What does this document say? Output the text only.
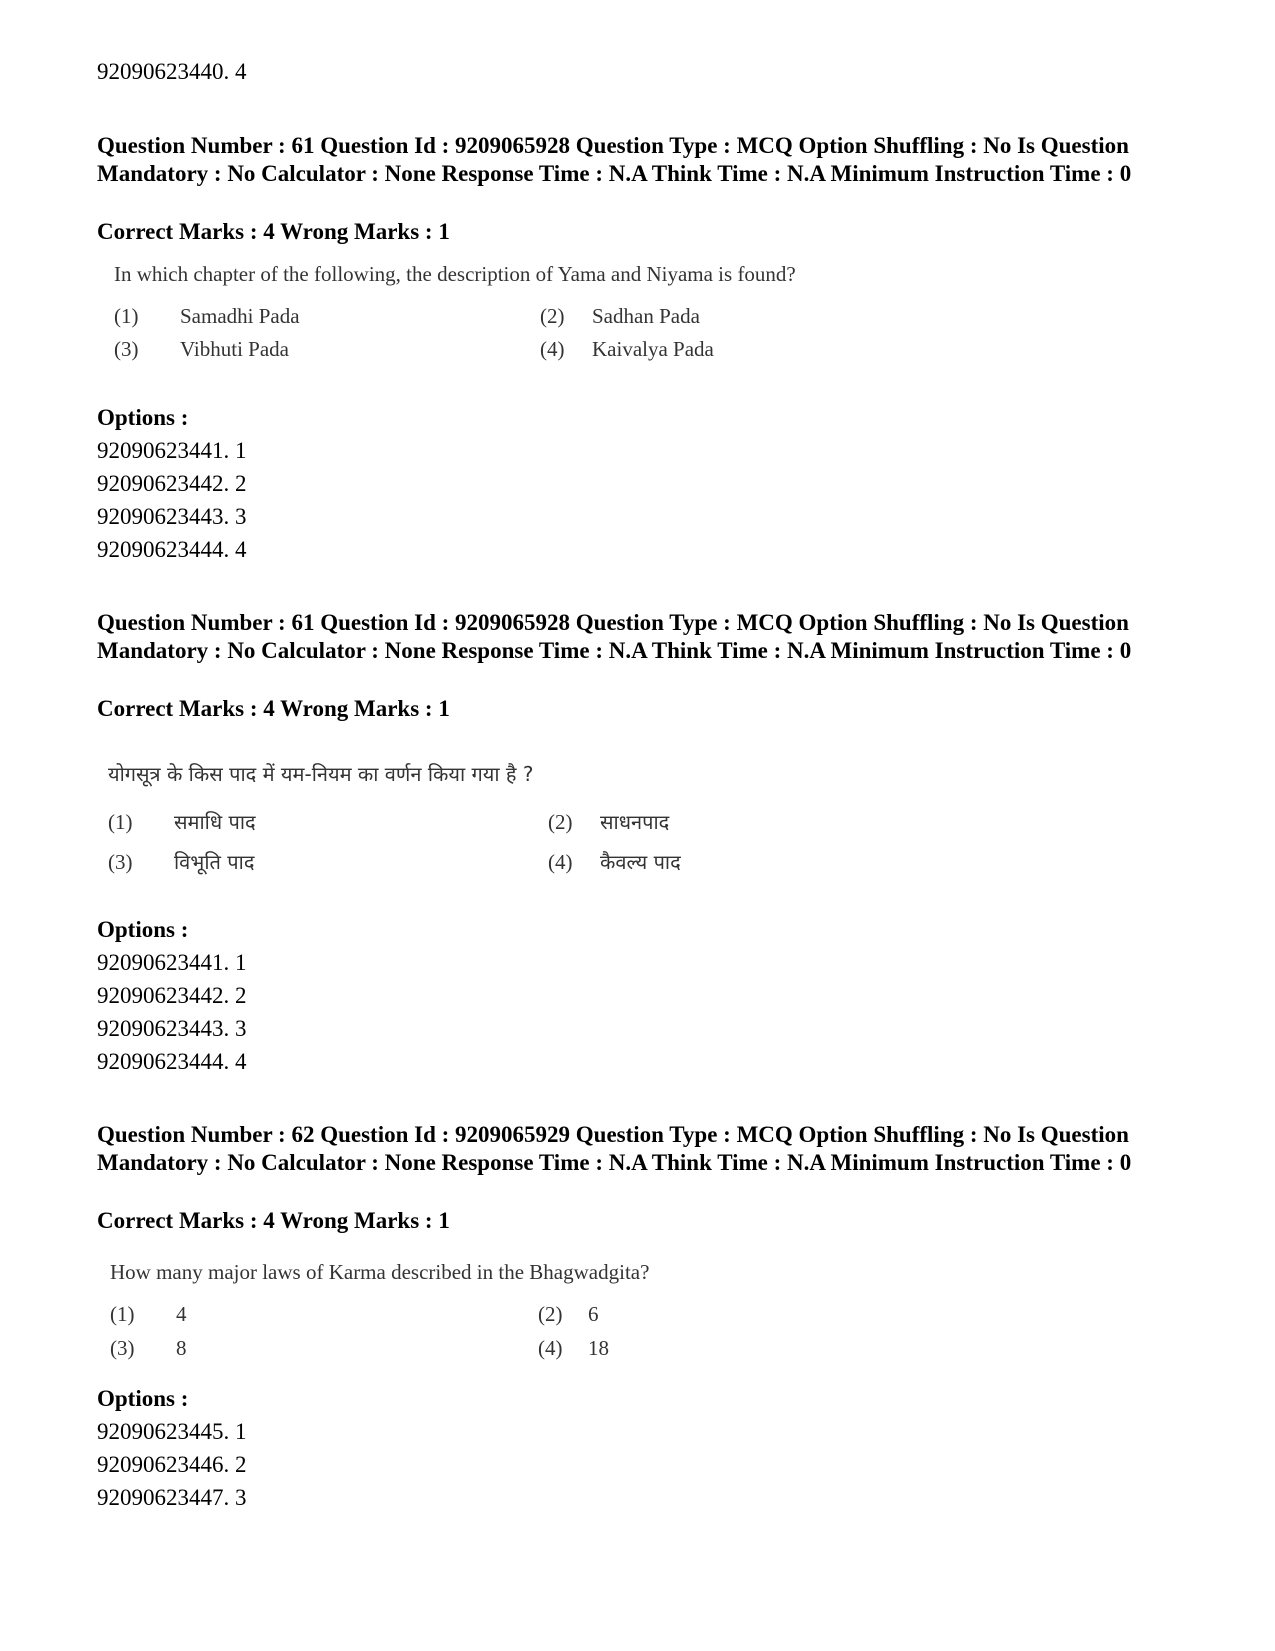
92090623440. 4
Question Number : 61 Question Id : 9209065928 Question Type : MCQ Option Shuffling : No Is Question Mandatory : No Calculator : None Response Time : N.A Think Time : N.A Minimum Instruction Time : 0
Correct Marks : 4 Wrong Marks : 1
In which chapter of the following, the description of Yama and Niyama is found?
(1) Samadhi Pada	(2) Sadhan Pada
(3) Vibhuti Pada	(4) Kaivalya Pada
Options :
92090623441. 1
92090623442. 2
92090623443. 3
92090623444. 4
Question Number : 61 Question Id : 9209065928 Question Type : MCQ Option Shuffling : No Is Question Mandatory : No Calculator : None Response Time : N.A Think Time : N.A Minimum Instruction Time : 0
Correct Marks : 4 Wrong Marks : 1
योगसूत्र के किस पाद में यम-नियम का वर्णन किया गया है ?
(1) समाधि पाद	(2) साधनपाद
(3) विभूति पाद	(4) कैवल्य पाद
Options :
92090623441. 1
92090623442. 2
92090623443. 3
92090623444. 4
Question Number : 62 Question Id : 9209065929 Question Type : MCQ Option Shuffling : No Is Question Mandatory : No Calculator : None Response Time : N.A Think Time : N.A Minimum Instruction Time : 0
Correct Marks : 4 Wrong Marks : 1
How many major laws of Karma described in the Bhagwadgita?
(1) 4	(2) 6
(3) 8	(4) 18
Options :
92090623445. 1
92090623446. 2
92090623447. 3
